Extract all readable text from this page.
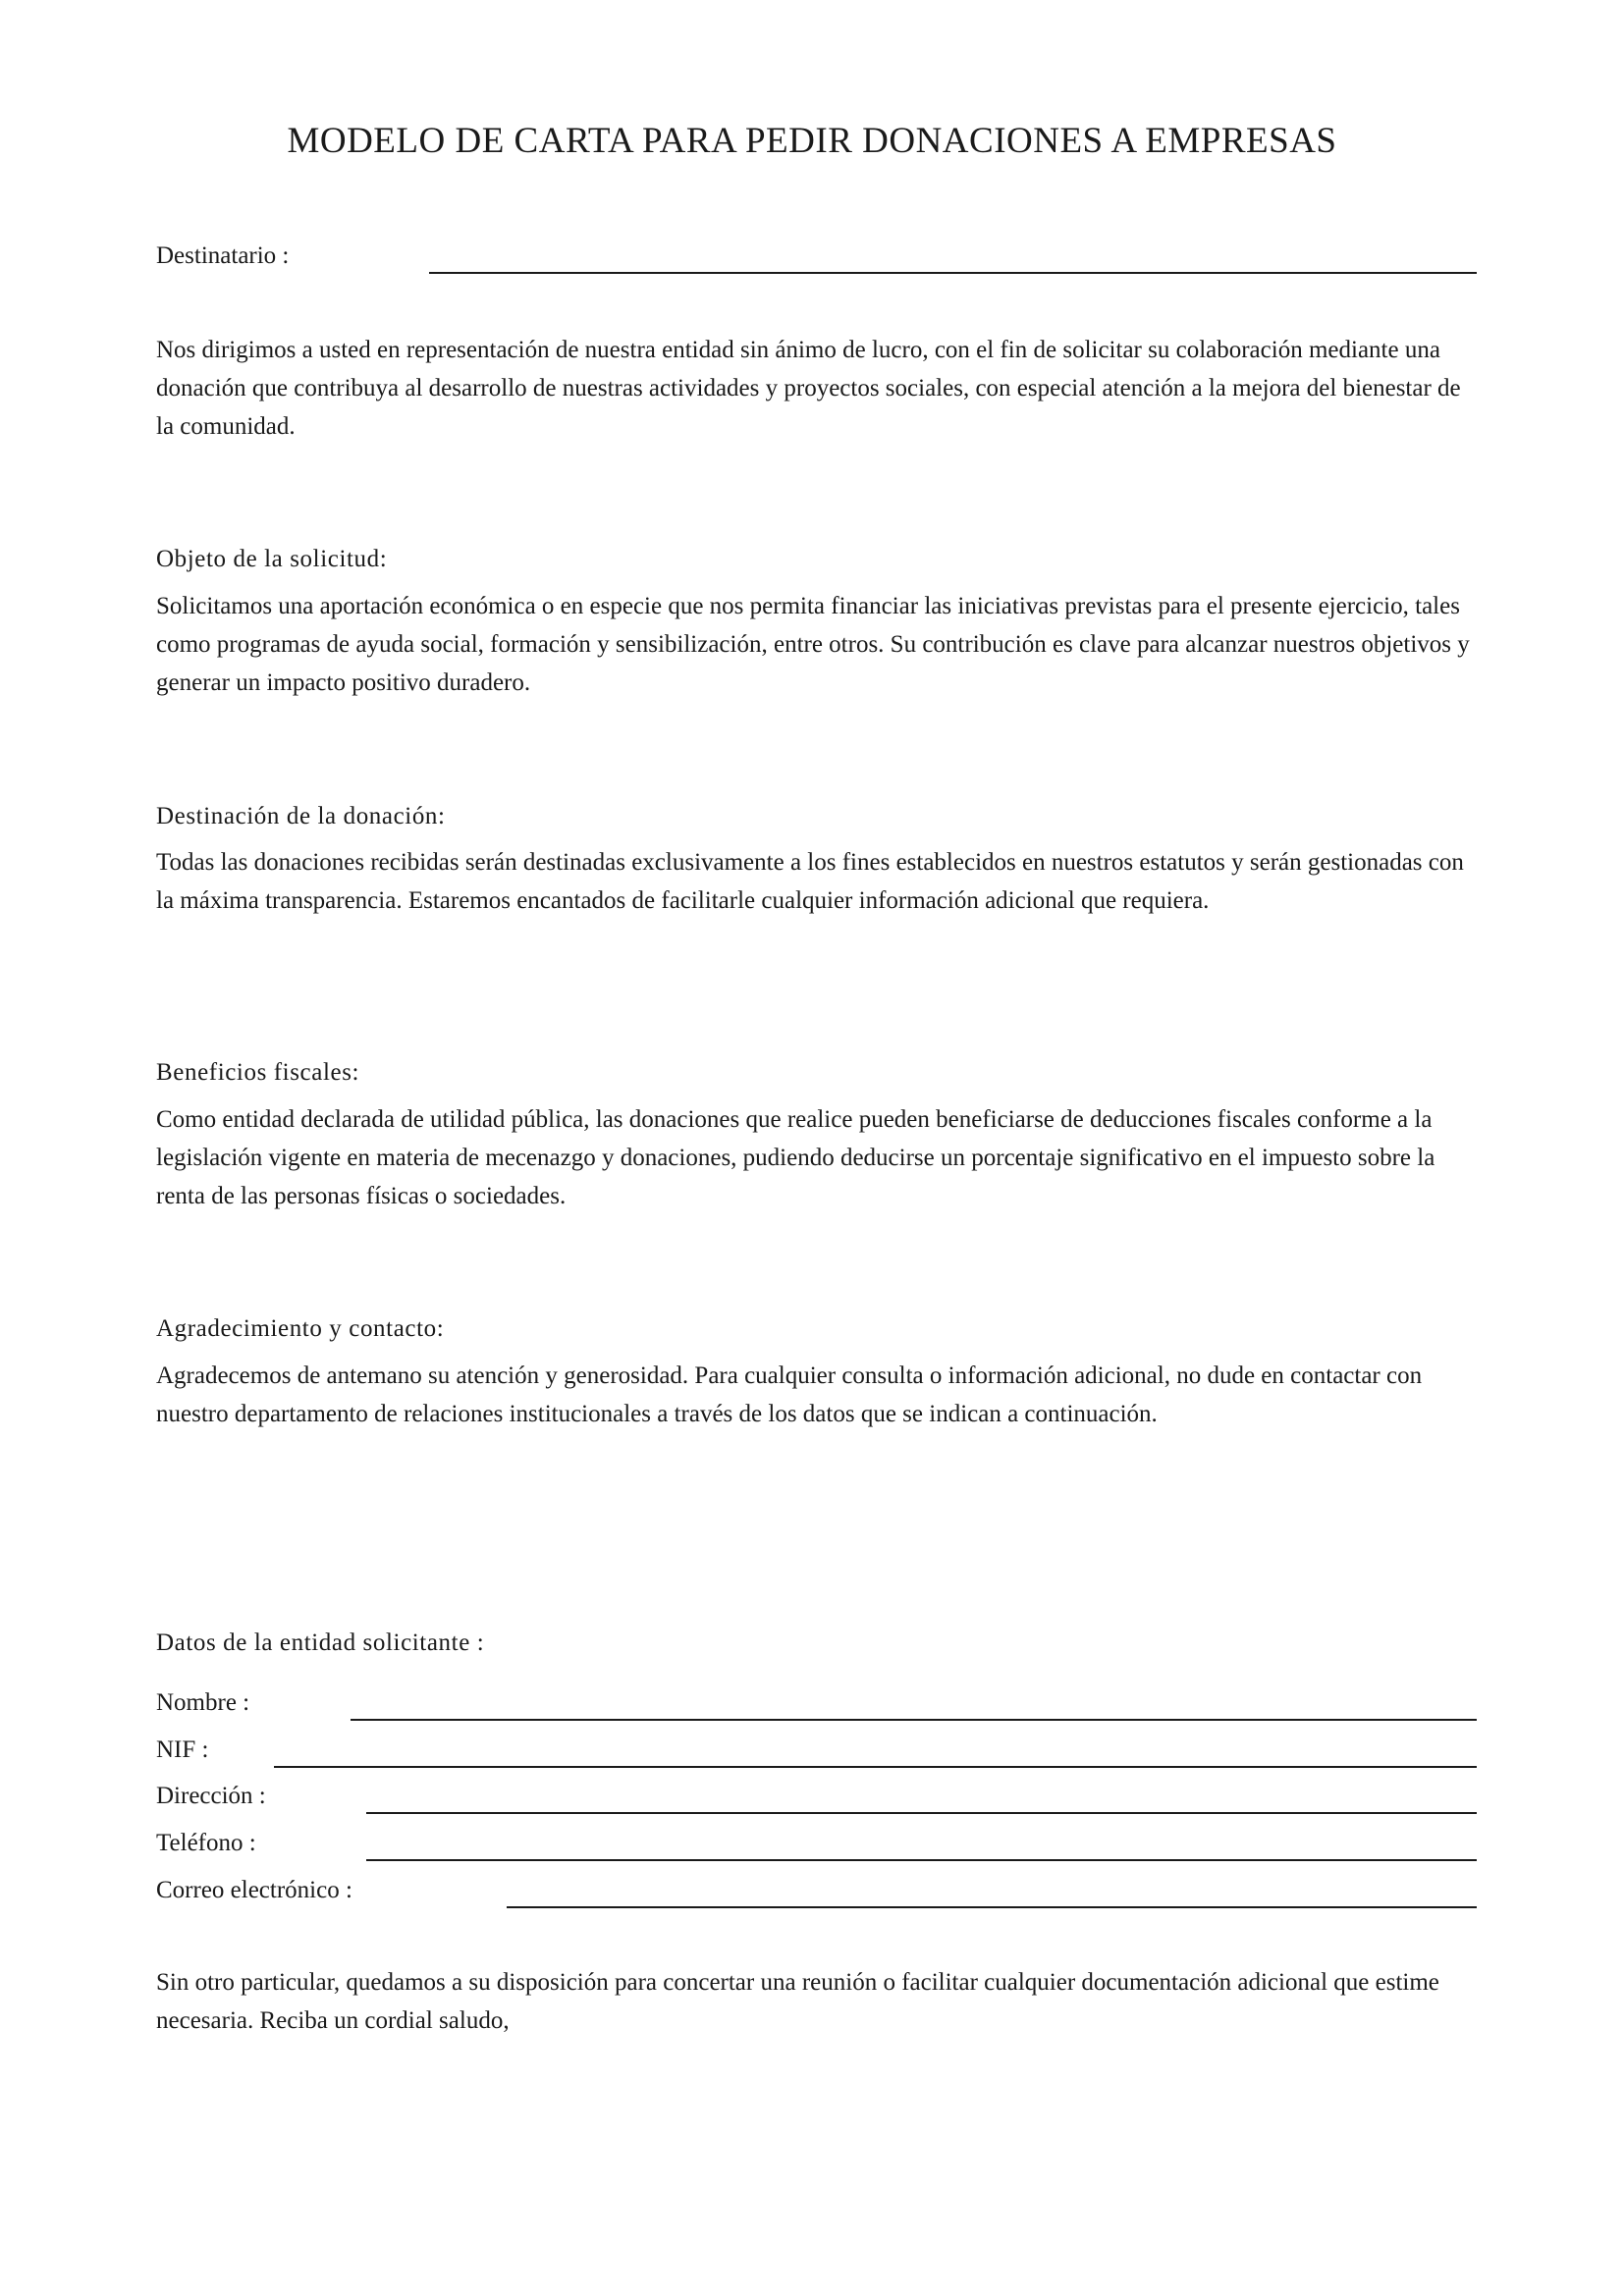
MODELO DE CARTA PARA PEDIR DONACIONES A EMPRESAS
Destinatario :

Nos dirigimos a usted en representación de nuestra entidad sin ánimo de lucro, con el fin de solicitar su colaboración mediante una donación que contribuya al desarrollo de nuestras actividades y proyectos sociales, con especial atención a la mejora del bienestar de la comunidad.

Objeto de la solicitud:

Solicitamos una aportación económica o en especie que nos permita financiar las iniciativas previstas para el presente ejercicio, tales como programas de ayuda social, formación y sensibilización, entre otros. Su contribución es clave para alcanzar nuestros objetivos y generar un impacto positivo duradero.

Destinación de la donación:

Todas las donaciones recibidas serán destinadas exclusivamente a los fines establecidos en nuestros estatutos y serán gestionadas con la máxima transparencia. Estaremos encantados de facilitarle cualquier información adicional que requiera.

Beneficios fiscales:

Como entidad declarada de utilidad pública, las donaciones que realice pueden beneficiarse de deducciones fiscales conforme a la legislación vigente en materia de mecenazgo y donaciones, pudiendo deducirse un porcentaje significativo en el impuesto sobre la renta de las personas físicas o sociedades.

Agradecimiento y contacto:

Agradecemos de antemano su atención y generosidad. Para cualquier consulta o información adicional, no dude en contactar con nuestro departamento de relaciones institucionales a través de los datos que se indican a continuación.

Datos de la entidad solicitante :
Nombre :
NIF :
Dirección :
Teléfono :
Correo electrónico :

Sin otro particular, quedamos a su disposición para concertar una reunión o facilitar cualquier documentación adicional que estime necesaria. Reciba un cordial saludo,
